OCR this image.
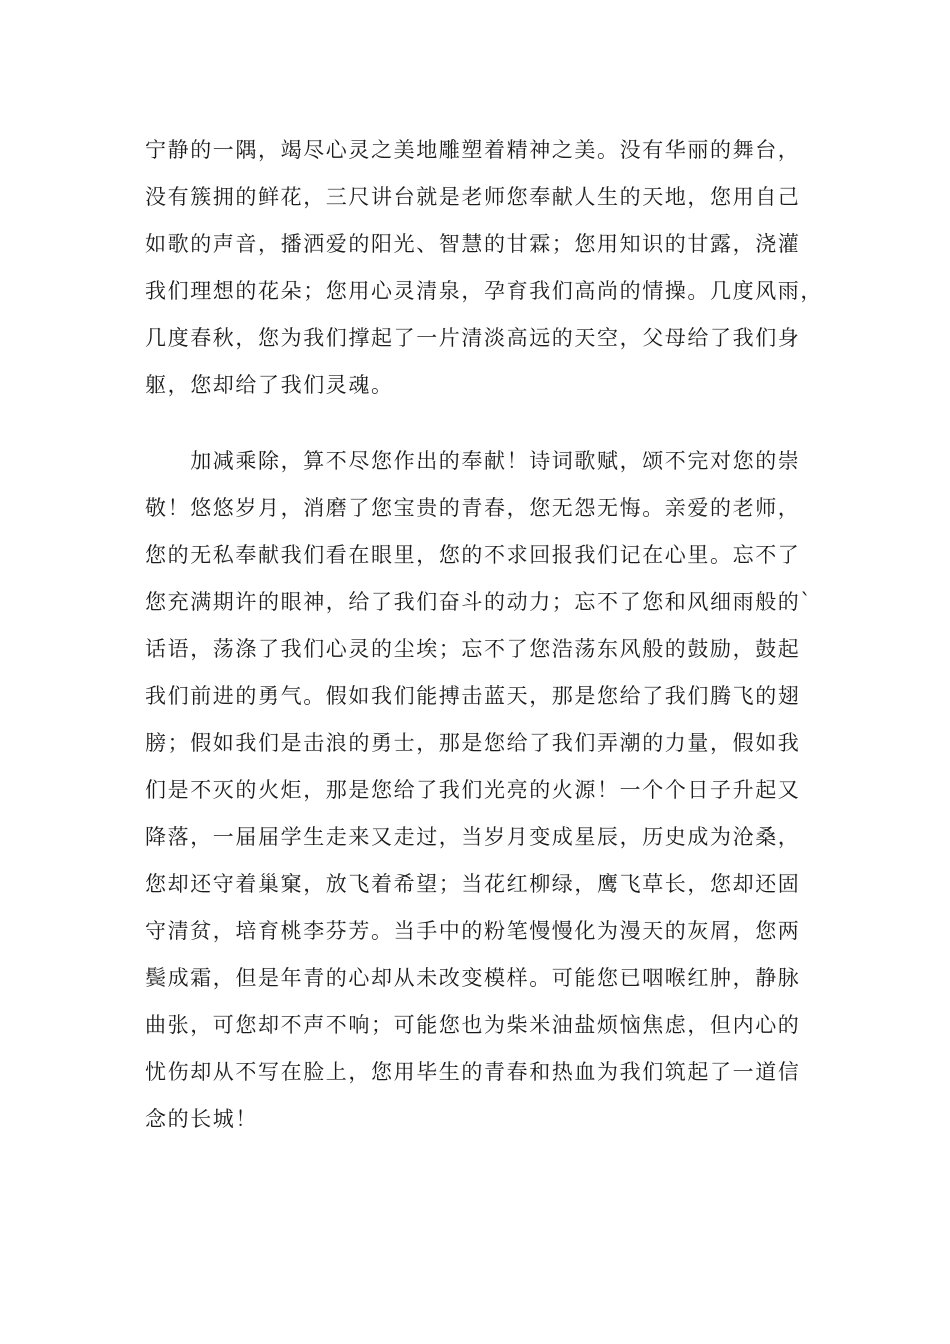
宁静的一隅，竭尽心灵之美地雕塑着精神之美。没有华丽的舞台，
没有簇拥的鲜花，三尺讲台就是老师您奉献人生的天地，您用自己
如歌的声音，播洒爱的阳光、智慧的甘霖；您用知识的甘露，浇灌
我们理想的花朵；您用心灵清泉，孕育我们高尚的情操。几度风雨，
几度春秋，您为我们撑起了一片清淡高远的天空，父母给了我们身
躯，您却给了我们灵魂。
　　加减乘除，算不尽您作出的奉献！诗词歌赋，颂不完对您的崇
敬！悠悠岁月，消磨了您宝贵的青春，您无怨无悔。亲爱的老师，
您的无私奉献我们看在眼里，您的不求回报我们记在心里。忘不了
您充满期许的眼神，给了我们奋斗的动力；忘不了您和风细雨般的`
话语，荡涤了我们心灵的尘埃；忘不了您浩荡东风般的鼓励，鼓起
我们前进的勇气。假如我们能搏击蓝天，那是您给了我们腾飞的翅
膀；假如我们是击浪的勇士，那是您给了我们弄潮的力量，假如我
们是不灭的火炬，那是您给了我们光亮的火源！一个个日子升起又
降落，一届届学生走来又走过，当岁月变成星辰，历史成为沧桑，
您却还守着巢窠，放飞着希望；当花红柳绿，鹰飞草长，您却还固
守清贫，培育桃李芬芳。当手中的粉笔慢慢化为漫天的灰屑，您两
鬓成霜，但是年青的心却从未改变模样。可能您已咽喉红肿，静脉
曲张，可您却不声不响；可能您也为柴米油盐烦恼焦虑，但内心的
忧伤却从不写在脸上，您用毕生的青春和热血为我们筑起了一道信
念的长城！
